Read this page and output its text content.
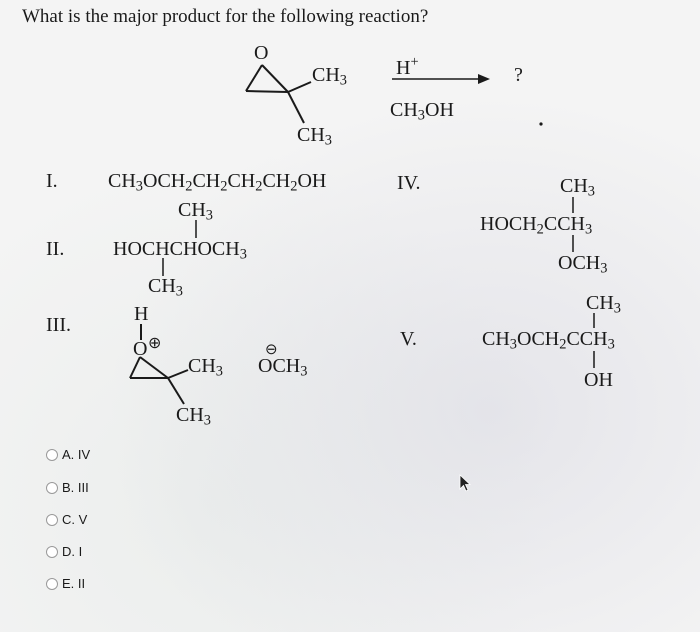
What is the major product for the following reaction?
O
$CH_3$
$CH_3$
H+
$CH_3OH$
?
I.	$CH_3OCH_2CH_2CH_2CH_2OH$
$CH_3$
II. $HOCHCHOCH_3$
$CH_3$
III.	H
O ⊕
$CH_3$
$CH_3$
⊖
$OCH_3$
IV.	$CH_3$
$HOCH_2CCH_3$
$OCH_3$
$CH_3$
V.	$CH_3OCH_2CCH_3$
OH
A. IV
B. III
C. V
D. I
E. II
